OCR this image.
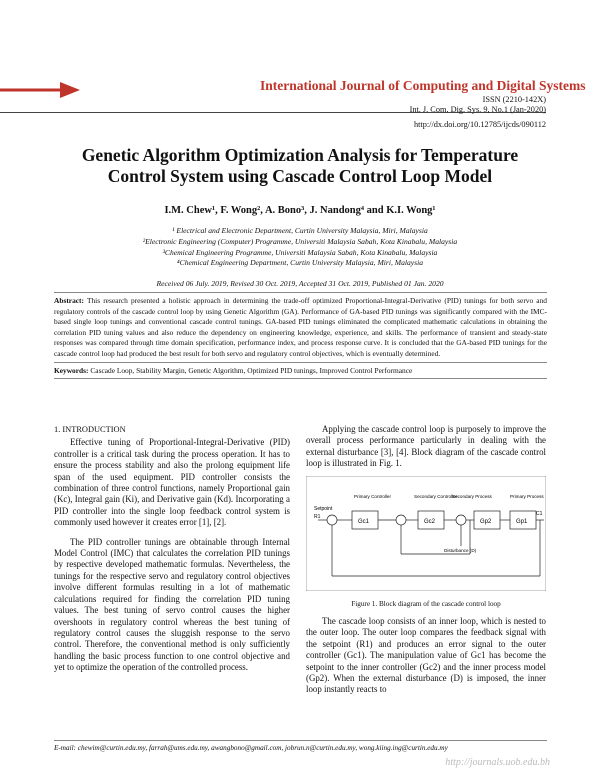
International Journal of Computing and Digital Systems
ISSN (2210-142X)
Int. J. Com. Dig. Sys. 9, No.1 (Jan-2020)
http://dx.doi.org/10.12785/ijcds/090112
Genetic Algorithm Optimization Analysis for Temperature
Control System using Cascade Control Loop Model
I.M. Chew¹, F. Wong², A. Bono³, J. Nandong⁴ and K.I. Wong¹
¹ Electrical and Electronic Department, Curtin University Malaysia, Miri, Malaysia
²Electronic Engineering (Computer) Programme, Universiti Malaysia Sabah, Kota Kinabalu, Malaysia
³Chemical Engineering Programme, Universiti Malaysia Sabah, Kota Kinabalu, Malaysia
⁴Chemical Engineering Department, Curtin University Malaysia, Miri, Malaysia
Received 06 July. 2019, Revised 30 Oct. 2019, Accepted 31 Oct. 2019, Published 01 Jan. 2020
Abstract: This research presented a holistic approach in determining the trade-off optimized Proportional-Integral-Derivative (PID) tunings for both servo and regulatory controls of the cascade control loop by using Genetic Algorithm (GA). Performance of GA-based PID tunings was significantly compared with the IMC-based single loop tunings and conventional cascade control tunings. GA-based PID tunings eliminated the complicated mathematic calculations in obtaining the correlation PID tuning values and also reduce the dependency on engineering knowledge, experience, and skills. The performance of transient and steady-state responses was compared through time domain specification, performance index, and process response curve. It is concluded that the GA-based PID tunings for the cascade control loop had produced the best result for both servo and regulatory control objectives, which is eventually determined.
Keywords: Cascade Loop, Stability Margin, Genetic Algorithm, Optimized PID tunings, Improved Control Performance
1. INTRODUCTION

Effective tuning of Proportional-Integral-Derivative (PID) controller is a critical task during the process operation. It has to ensure the process stability and also the prolong equipment life span of the used equipment. PID controller consists the combination of three control functions, namely Proportional gain (Kc), Integral gain (Ki), and Derivative gain (Kd). Incorporating a PID controller into the single loop feedback control system is commonly used however it creates error [1], [2].

The PID controller tunings are obtainable through Internal Model Control (IMC) that calculates the correlation PID tunings by respective developed mathematic formulas. Nevertheless, the tunings for the respective servo and regulatory control objectives involve different formulas resulting in a lot of mathematic calculations required for finding the correlation PID tuning values. The best tuning of servo control causes the higher overshoots in regulatory control whereas the best tuning of regulatory control causes the sluggish response to the servo control. Therefore, the conventional method is only sufficiently handling the basic process function to one control objective and yet to optimize the operation of the controlled process.

Applying the cascade control loop is purposely to improve the overall process performance particularly in dealing with the external disturbance [3], [4]. Block diagram of the cascade control loop is illustrated in Fig. 1.

Setpoint
R1
Primary Controller
Gc1
Secondary Controller
Gc2
Secondary Process
Gp2
Primary Process
Gp1
C1
Disturbance (D)
Figure 1. Block diagram of the cascade control loop

The cascade loop consists of an inner loop, which is nested to the outer loop. The outer loop compares the feedback signal with the setpoint (R1) and produces an error signal to the outer controller (Gc1). The manipulation value of Gc1 has become the setpoint to the inner controller (Gc2) and the inner process model (Gp2). When the external disturbance (D) is imposed, the inner loop instantly reacts to

E-mail: chewim@curtin.edu.my, farrah@ums.edu.my, awangbono@gmail.com, jobrun.n@curtin.edu.my, wong.kiing.ing@curtin.edu.my
http://journals.uob.edu.bh
